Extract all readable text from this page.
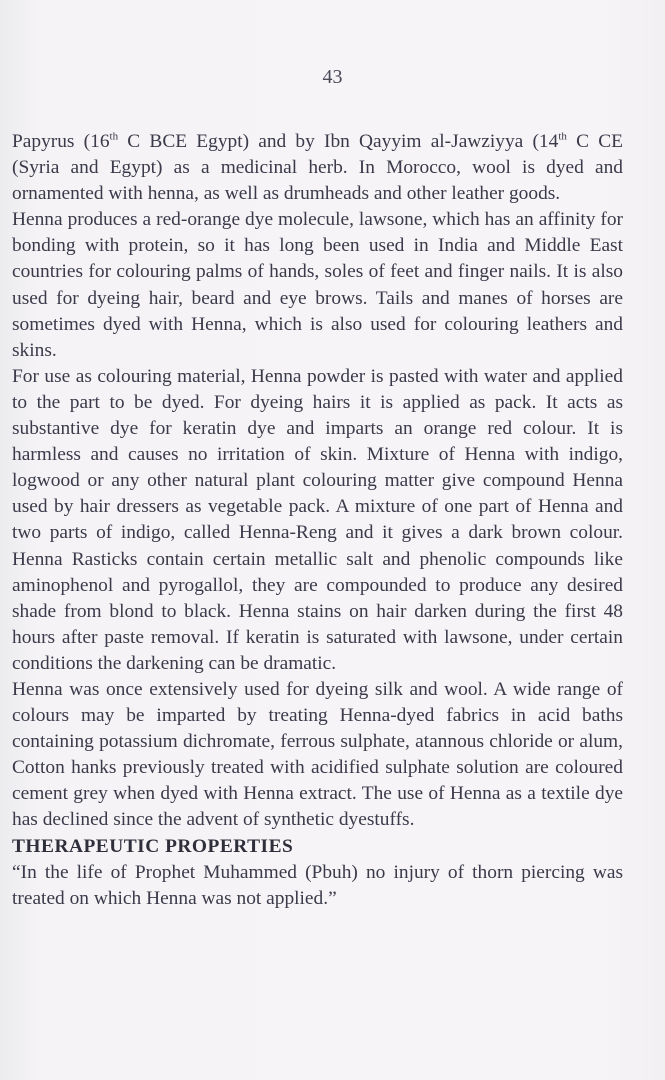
43

Papyrus (16th C BCE Egypt) and by Ibn Qayyim al-Jawziyya (14th C CE (Syria and Egypt) as a medicinal herb. In Morocco, wool is dyed and ornamented with henna, as well as drumheads and other leather goods.

Henna produces a red-orange dye molecule, lawsone, which has an affinity for bonding with protein, so it has long been used in India and Middle East countries for colouring palms of hands, soles of feet and finger nails. It is also used for dyeing hair, beard and eye brows. Tails and manes of horses are sometimes dyed with Henna, which is also used for colouring leathers and skins.

For use as colouring material, Henna powder is pasted with water and applied to the part to be dyed. For dyeing hairs it is applied as pack. It acts as substantive dye for keratin dye and imparts an orange red colour. It is harmless and causes no irritation of skin. Mixture of Henna with indigo, logwood or any other natural plant colouring matter give compound Henna used by hair dressers as vegetable pack. A mixture of one part of Henna and two parts of indigo, called Henna-Reng and it gives a dark brown colour. Henna Rasticks contain certain metallic salt and phenolic compounds like aminophenol and pyrogallol, they are compounded to produce any desired shade from blond to black. Henna stains on hair darken during the first 48 hours after paste removal. If keratin is saturated with lawsone, under certain conditions the darkening can be dramatic.

Henna was once extensively used for dyeing silk and wool. A wide range of colours may be imparted by treating Henna-dyed fabrics in acid baths containing potassium dichromate, ferrous sulphate, atannous chloride or alum, Cotton hanks previously treated with acidified sulphate solution are coloured cement grey when dyed with Henna extract. The use of Henna as a textile dye has declined since the advent of synthetic dyestuffs.

THERAPEUTIC PROPERTIES

“In the life of Prophet Muhammed (Pbuh) no injury of thorn piercing was treated on which Henna was not applied.”
